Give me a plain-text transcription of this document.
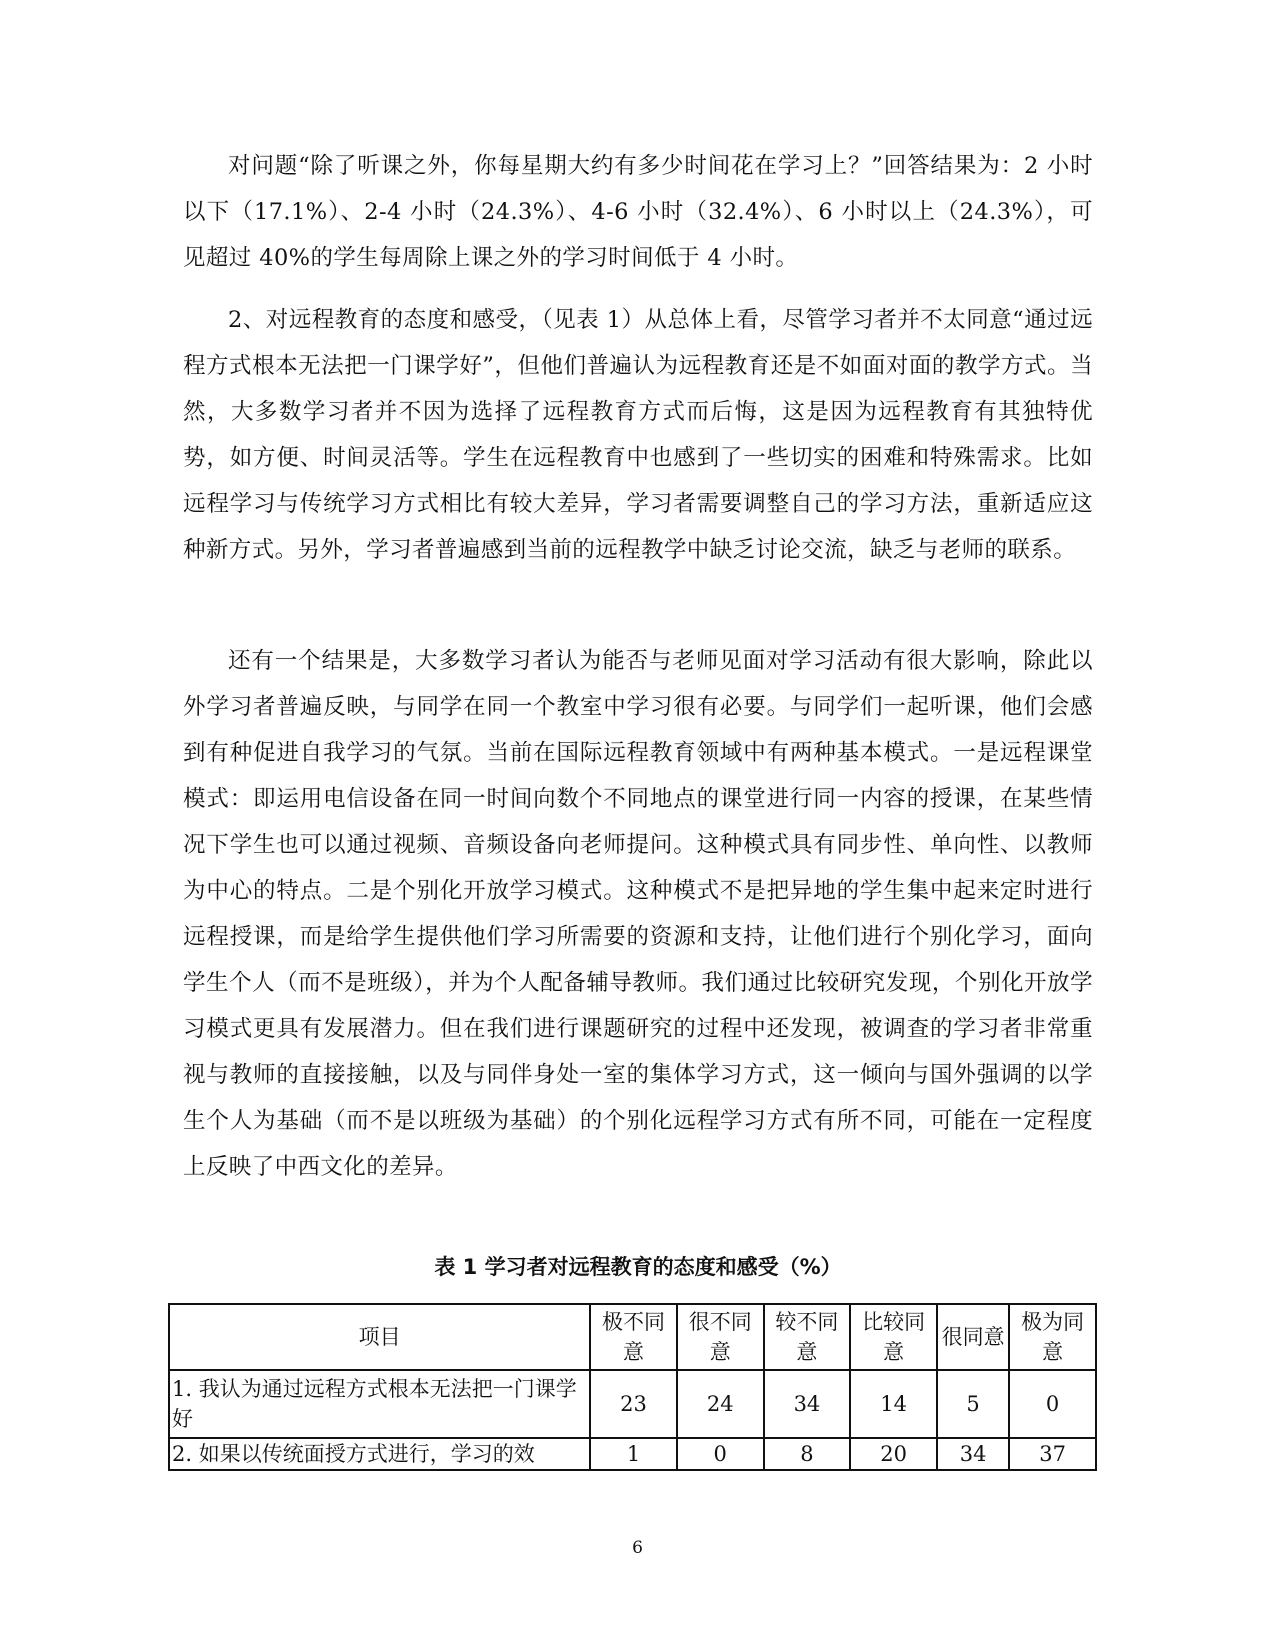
对问题“除了听课之外，你每星期大约有多少时间花在学习上？”回答结果为：2 小时以下（17.1%）、2-4 小时（24.3%）、4-6 小时（32.4%）、6 小时以上（24.3%），可见超过 40%的学生每周除上课之外的学习时间低于 4 小时。

2、对远程教育的态度和感受，（见表 1）从总体上看，尽管学习者并不太同意“通过远程方式根本无法把一门课学好”，但他们普遍认为远程教育还是不如面对面的教学方式。当然，大多数学习者并不因为选择了远程教育方式而后悔，这是因为远程教育有其独特优势，如方便、时间灵活等。学生在远程教育中也感到了一些切实的困难和特殊需求。比如远程学习与传统学习方式相比有较大差异，学习者需要调整自己的学习方法，重新适应这种新方式。另外，学习者普遍感到当前的远程教学中缺乏讨论交流，缺乏与老师的联系。

还有一个结果是，大多数学习者认为能否与老师见面对学习活动有很大影响，除此以外学习者普遍反映，与同学在同一个教室中学习很有必要。与同学们一起听课，他们会感到有种促进自我学习的气氛。当前在国际远程教育领域中有两种基本模式。一是远程课堂模式：即运用电信设备在同一时间向数个不同地点的课堂进行同一内容的授课，在某些情况下学生也可以通过视频、音频设备向老师提问。这种模式具有同步性、单向性、以教师为中心的特点。二是个别化开放学习模式。这种模式不是把异地的学生集中起来定时进行远程授课，而是给学生提供他们学习所需要的资源和支持，让他们进行个别化学习，面向学生个人（而不是班级），并为个人配备辅导教师。我们通过比较研究发现，个别化开放学习模式更具有发展潜力。但在我们进行课题研究的过程中还发现，被调查的学习者非常重视与教师的直接接触，以及与同伴身处一室的集体学习方式，这一倾向与国外强调的以学生个人为基础（而不是以班级为基础）的个别化远程学习方式有所不同，可能在一定程度上反映了中西文化的差异。

表 1 学习者对远程教育的态度和感受（%）

项目	极不同意	很不同意	较不同意	比较同意	很同意	极为同意
1. 我认为通过远程方式根本无法把一门课学好	23	24	34	14	5	0
2. 如果以传统面授方式进行，学习的效	1	0	8	20	34	37

6
